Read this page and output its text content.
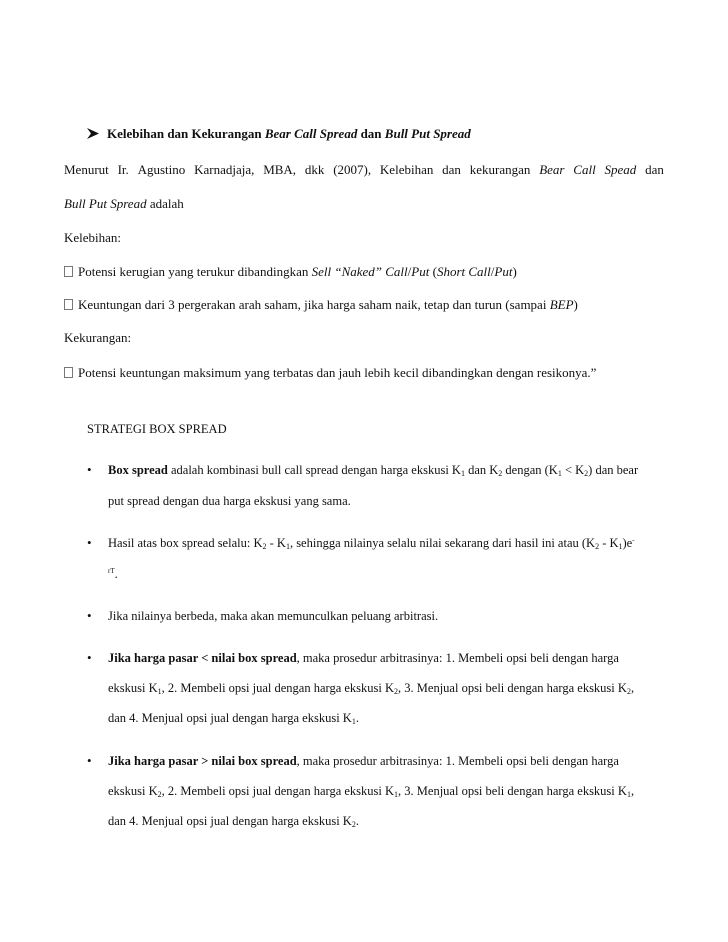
Kelebihan dan Kekurangan Bear Call Spread dan Bull Put Spread
Menurut Ir. Agustino Karnadjaja, MBA, dkk (2007), Kelebihan dan kekurangan Bear Call Spead dan
Bull Put Spread adalah
Kelebihan:
Potensi kerugian yang terukur dibandingkan Sell “Naked” Call/Put (Short Call/Put)
Keuntungan dari 3 pergerakan arah saham, jika harga saham naik, tetap dan turun (sampai BEP)
Kekurangan:
Potensi keuntungan maksimum yang terbatas dan jauh lebih kecil dibandingkan dengan resikonya.”
STRATEGI BOX SPREAD
• Box spread adalah kombinasi bull call spread dengan harga ekskusi $K_1$ dan $K_2$ dengan $(K_1 < K_2)$ dan bear
put spread dengan dua harga ekskusi yang sama.
• Hasil atas box spread selalu: $K_2 - K_1$, sehingga nilainya selalu nilai sekarang dari hasil ini atau $(K_2 - K_1)e^-$
$^{rT}$.
• Jika nilainya berbeda, maka akan memunculkan peluang arbitrasi.
• Jika harga pasar < nilai box spread, maka prosedur arbitrasinya: 1. Membeli opsi beli dengan harga
ekskusi $K_1$, 2. Membeli opsi jual dengan harga ekskusi $K_2$, 3. Menjual opsi beli dengan harga ekskusi $K_2$,
dan 4. Menjual opsi jual dengan harga ekskusi $K_1$.
• Jika harga pasar > nilai box spread, maka prosedur arbitrasinya: 1. Membeli opsi beli dengan harga
ekskusi $K_2$, 2. Membeli opsi jual dengan harga ekskusi $K_1$, 3. Menjual opsi beli dengan harga ekskusi $K_1$,
dan 4. Menjual opsi jual dengan harga ekskusi $K_2$.
